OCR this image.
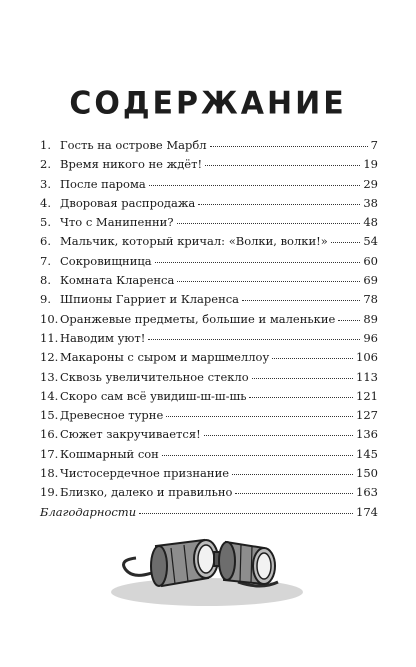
СОДЕРЖАНИЕ
1. Гость на острове Марбл	7
2. Время никого не ждёт!	19
3. После парома	29
4. Дворовая распродажа	38
5. Что с Манипенни?	48
6. Мальчик, который кричал: «Волки, волки!»	54
7. Сокровищница	60
8. Комната Кларенса	69
9. Шпионы Гарриет и Кларенса	78
10. Оранжевые предметы, большие и маленькие 89
11. Наводим уют!	96
12. Макароны с сыром и маршмеллоу	106
13. Сквозь увеличительное стекло	113
14. Скоро сам всё увидиш-ш-ш-шь	121
15. Древесное турне	127
16. Сюжет закручивается!	136
17. Кошмарный сон	145
18. Чистосердечное признание	150
19. Близко, далеко и правильно	163
Благодарности	174
